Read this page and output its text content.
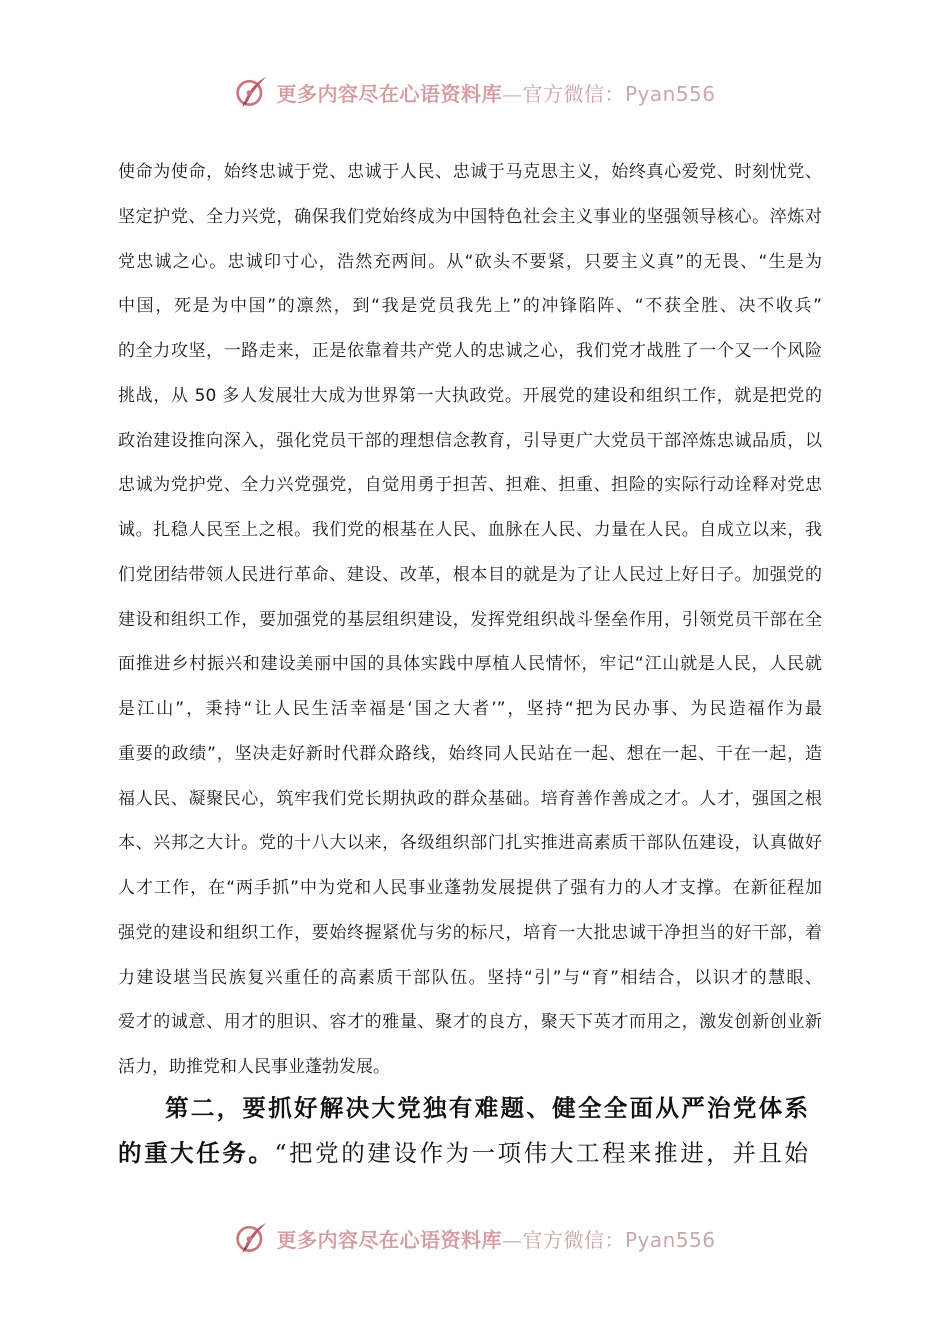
更多内容尽在心语资料库—官方微信：Pyan556
使命为使命，始终忠诚于党、忠诚于人民、忠诚于马克思主义，始终真心爱党、时刻忧党、
坚定护党、全力兴党，确保我们党始终成为中国特色社会主义事业的坚强领导核心。淬炼对
党忠诚之心。忠诚印寸心，浩然充两间。从“砍头不要紧，只要主义真”的无畏、“生是为
中国，死是为中国”的凛然，到“我是党员我先上”的冲锋陷阵、“不获全胜、决不收兵”
的全力攻坚，一路走来，正是依靠着共产党人的忠诚之心，我们党才战胜了一个又一个风险
挑战，从 50 多人发展壮大成为世界第一大执政党。开展党的建设和组织工作，就是把党的
政治建设推向深入，强化党员干部的理想信念教育，引导更广大党员干部淬炼忠诚品质，以
忠诚为党护党、全力兴党强党，自觉用勇于担苦、担难、担重、担险的实际行动诠释对党忠
诚。扎稳人民至上之根。我们党的根基在人民、血脉在人民、力量在人民。自成立以来，我
们党团结带领人民进行革命、建设、改革，根本目的就是为了让人民过上好日子。加强党的
建设和组织工作，要加强党的基层组织建设，发挥党组织战斗堡垒作用，引领党员干部在全
面推进乡村振兴和建设美丽中国的具体实践中厚植人民情怀，牢记“江山就是人民，人民就
是江山”，秉持“让人民生活幸福是‘国之大者’”，坚持“把为民办事、为民造福作为最
重要的政绩”，坚决走好新时代群众路线，始终同人民站在一起、想在一起、干在一起，造
福人民、凝聚民心，筑牢我们党长期执政的群众基础。培育善作善成之才。人才，强国之根
本、兴邦之大计。党的十八大以来，各级组织部门扎实推进高素质干部队伍建设，认真做好
人才工作，在“两手抓”中为党和人民事业蓬勃发展提供了强有力的人才支撑。在新征程加
强党的建设和组织工作，要始终握紧优与劣的标尺，培育一大批忠诚干净担当的好干部，着
力建设堪当民族复兴重任的高素质干部队伍。坚持“引”与“育”相结合，以识才的慧眼、
爱才的诚意、用才的胆识、容才的雅量、聚才的良方，聚天下英才而用之，激发创新创业新
活力，助推党和人民事业蓬勃发展。
第二，要抓好解决大党独有难题、健全全面从严治党体系
的重大任务。“把党的建设作为一项伟大工程来推进，并且始
更多内容尽在心语资料库—官方微信：Pyan556
